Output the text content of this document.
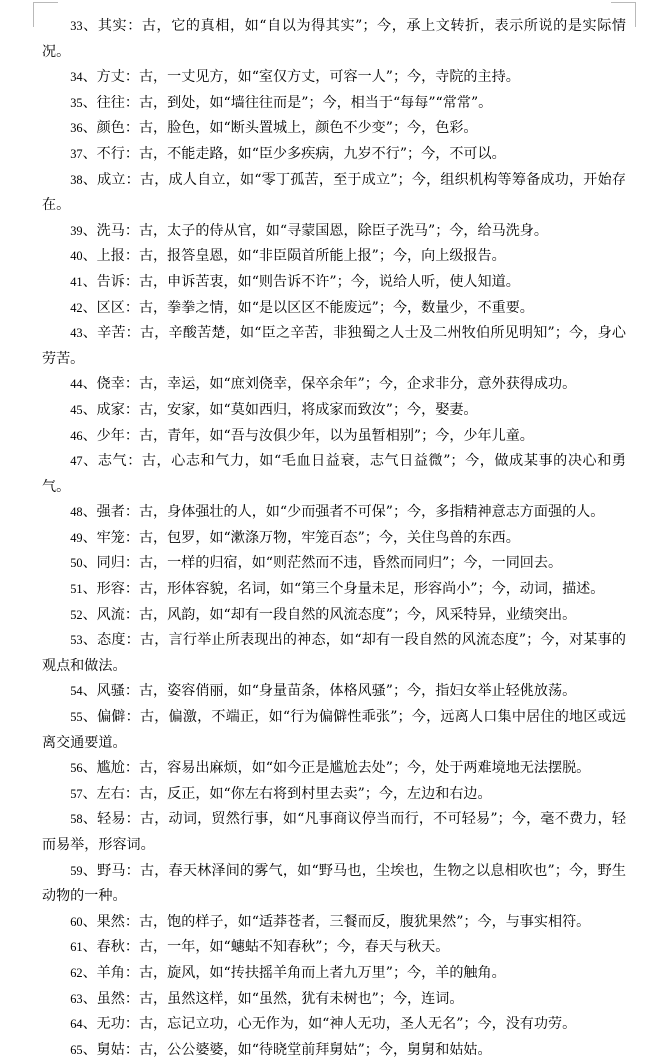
33、其实：古，它的真相，如“自以为得其实”；今，承上文转折，表示所说的是实际情况。

34、方丈：古，一丈见方，如“室仅方丈，可容一人”；今，寺院的主持。

35、往往：古，到处，如“墙往往而是”；今，相当于“每每”“常常”。

36、颜色：古，脸色，如“断头置城上，颜色不少变”；今，色彩。

37、不行：古，不能走路，如“臣少多疾病，九岁不行”；今，不可以。

38、成立：古，成人自立，如“零丁孤苦，至于成立”；今，组织机构等筹备成功，开始存在。

39、洗马：古，太子的侍从官，如“寻蒙国恩，除臣子洗马”；今，给马洗身。

40、上报：古，报答皇恩，如“非臣陨首所能上报”；今，向上级报告。

41、告诉：古，申诉苦衷，如“则告诉不许”；今，说给人听，使人知道。

42、区区：古，拳拳之情，如“是以区区不能废远”；今，数量少，不重要。

43、辛苦：古，辛酸苦楚，如“臣之辛苦，非独蜀之人士及二州牧伯所见明知”；今，身心劳苦。

44、侥幸：古，幸运，如“庶刘侥幸，保卒余年”；今，企求非分，意外获得成功。

45、成家：古，安家，如“莫如西归，将成家而致汝”；今，娶妻。

46、少年：古，青年，如“吾与汝俱少年，以为虽暂相别”；今，少年儿童。

47、志气：古，心志和气力，如“毛血日益衰，志气日益微”；今，做成某事的决心和勇气。

48、强者：古，身体强壮的人，如“少而强者不可保”；今，多指精神意志方面强的人。

49、牢笼：古，包罗，如“漱涤万物，牢笼百态”；今，关住鸟兽的东西。

50、同归：古，一样的归宿，如“则茫然而不违，昏然而同归”；今，一同回去。

51、形容：古，形体容貌，名词，如“第三个身量未足，形容尚小”；今，动词，描述。

52、风流：古，风韵，如“却有一段自然的风流态度”；今，风采特异，业绩突出。

53、态度：古，言行举止所表现出的神态，如“却有一段自然的风流态度”；今，对某事的观点和做法。

54、风骚：古，姿容俏丽，如“身量苗条，体格风骚”；今，指妇女举止轻佻放荡。

55、偏僻：古，偏激，不端正，如“行为偏僻性乖张”；今，远离人口集中居住的地区或远离交通要道。

56、尴尬：古，容易出麻烦，如“如今正是尴尬去处”；今，处于两难境地无法摆脱。

57、左右：古，反正，如“你左右将到村里去卖”；今，左边和右边。

58、轻易：古，动词，贸然行事，如“凡事商议停当而行，不可轻易”；今，毫不费力，轻而易举，形容词。

59、野马：古，春天林泽间的雾气，如“野马也，尘埃也，生物之以息相吹也”；今，野生动物的一种。

60、果然：古，饱的样子，如“适莽苍者，三餐而反，腹犹果然”；今，与事实相符。

61、春秋：古，一年，如“蟪蛄不知春秋”；今，春天与秋天。

62、羊角：古，旋风，如“抟扶摇羊角而上者九万里”；今，羊的触角。

63、虽然：古，虽然这样，如“虽然，犹有未树也”；今，连词。

64、无功：古，忘记立功，心无作为，如“神人无功，圣人无名”；今，没有功劳。

65、舅姑：古，公公婆婆，如“待晓堂前拜舅姑”；今，舅舅和姑姑。
